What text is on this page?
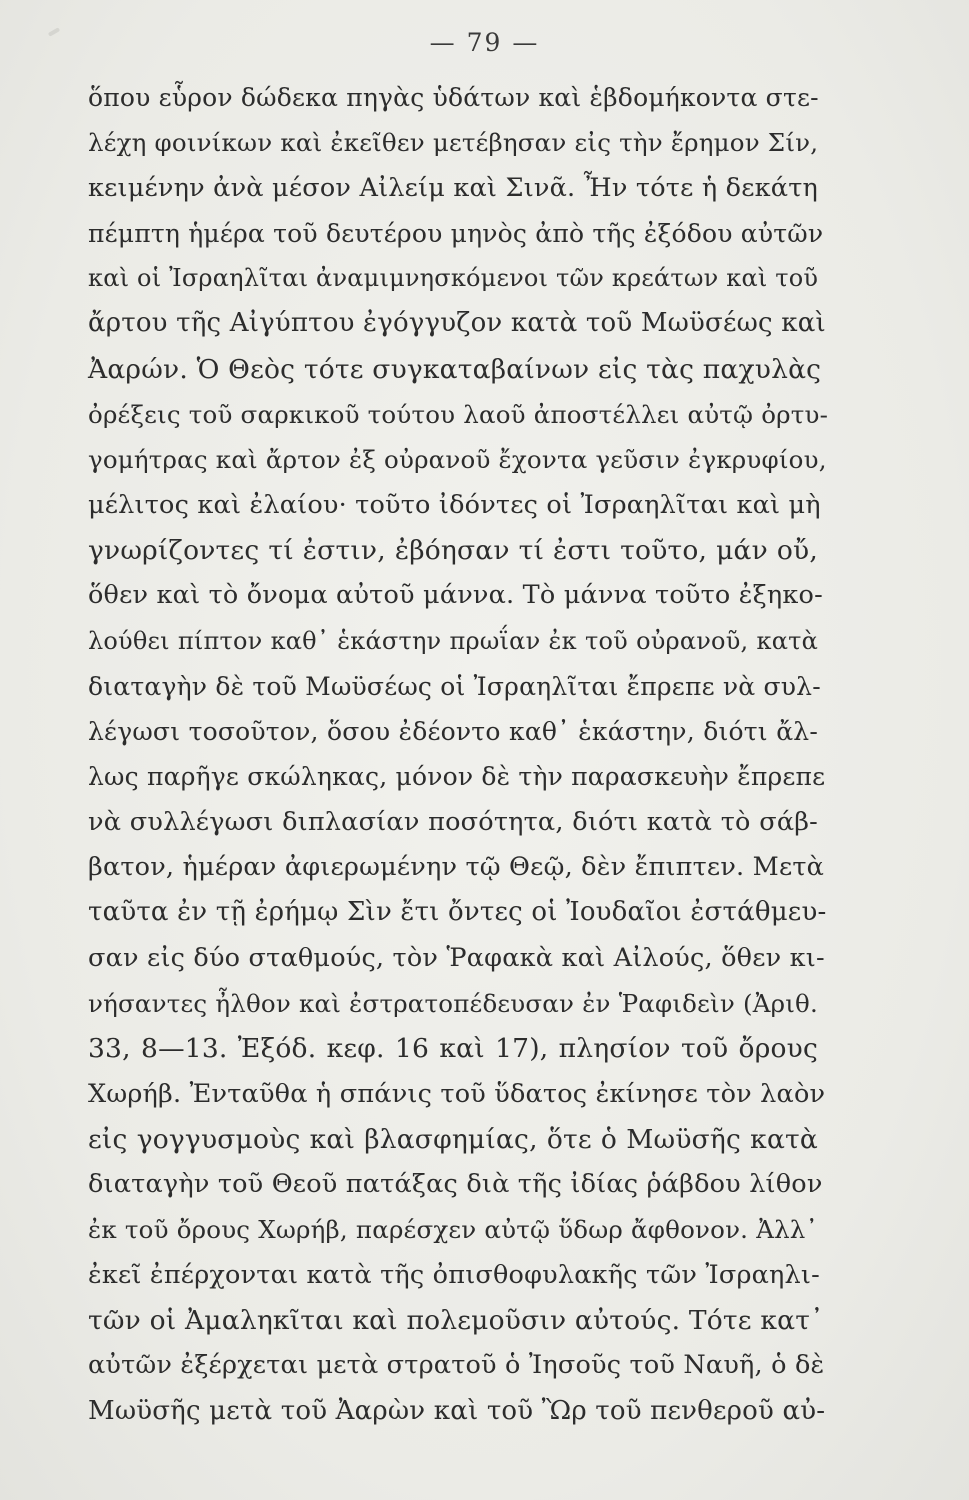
— 79 —
ὅπου εὗρον δώδεκα πηγὰς ὑδάτων καὶ ἑβδομήκοντα στε-
λέχη φοινίκων καὶ ἐκεῖθεν μετέβησαν εἰς τὴν ἔρημον Σίν,
κειμένην ἀνὰ μέσον Αἰλείμ καὶ Σινᾶ. Ἦν τότε ἡ δεκάτη
πέμπτη ἡμέρα τοῦ δευτέρου μηνὸς ἀπὸ τῆς ἐξόδου αὐτῶν
καὶ οἱ Ἰσραηλῖται ἀναμιμνησκόμενοι τῶν κρεάτων καὶ τοῦ
ἄρτου τῆς Αἰγύπτου ἐγόγγυζον κατὰ τοῦ Μωϋσέως καὶ
Ἀαρών. Ὁ Θεὸς τότε συγκαταβαίνων εἰς τὰς παχυλὰς
ὀρέξεις τοῦ σαρκικοῦ τούτου λαοῦ ἀποστέλλει αὐτῷ ὀρτυ-
γομήτρας καὶ ἄρτον ἐξ οὐρανοῦ ἔχοντα γεῦσιν ἐγκρυφίου,
μέλιτος καὶ ἐλαίου· τοῦτο ἰδόντες οἱ Ἰσραηλῖται καὶ μὴ
γνωρίζοντες τί ἐστιν, ἐβόησαν τί ἐστι τοῦτο, μάν οὔ,
ὅθεν καὶ τὸ ὄνομα αὐτοῦ μάννα. Τὸ μάννα τοῦτο ἐξηκο-
λούθει πίπτον καθ᾽ ἑκάστην πρωΐαν ἐκ τοῦ οὐρανοῦ, κατὰ
διαταγὴν δὲ τοῦ Μωϋσέως οἱ Ἰσραηλῖται ἔπρεπε νὰ συλ-
λέγωσι τοσοῦτον, ὅσου ἐδέοντο καθ᾽ ἑκάστην, διότι ἄλ-
λως παρῆγε σκώληκας, μόνον δὲ τὴν παρασκευὴν ἔπρεπε
νὰ συλλέγωσι διπλασίαν ποσότητα, διότι κατὰ τὸ σάβ-
βατον, ἡμέραν ἀφιερωμένην τῷ Θεῷ, δὲν ἔπιπτεν. Μετὰ
ταῦτα ἐν τῇ ἐρήμῳ Σὶν ἔτι ὄντες οἱ Ἰουδαῖοι ἐστάθμευ-
σαν εἰς δύο σταθμούς, τὸν Ῥαφακὰ καὶ Αἰλούς, ὅθεν κι-
νήσαντες ἦλθον καὶ ἐστρατοπέδευσαν ἐν Ῥαφιδεὶν (Ἀριθ.
33, 8—13. Ἐξόδ. κεφ. 16 καὶ 17), πλησίον τοῦ ὄρους
Χωρήβ. Ἐνταῦθα ἡ σπάνις τοῦ ὕδατος ἐκίνησε τὸν λαὸν
εἰς γογγυσμοὺς καὶ βλασφημίας, ὅτε ὁ Μωϋσῆς κατὰ
διαταγὴν τοῦ Θεοῦ πατάξας διὰ τῆς ἰδίας ῥάβδου λίθον
ἐκ τοῦ ὄρους Χωρήβ, παρέσχεν αὐτῷ ὕδωρ ἄφθονον. Ἀλλ᾽
ἐκεῖ ἐπέρχονται κατὰ τῆς ὀπισθοφυλακῆς τῶν Ἰσραηλι-
τῶν οἱ Ἀμαληκῖται καὶ πολεμοῦσιν αὐτούς. Τότε κατ᾽
αὐτῶν ἐξέρχεται μετὰ στρατοῦ ὁ Ἰησοῦς τοῦ Ναυῆ, ὁ δὲ
Μωϋσῆς μετὰ τοῦ Ἀαρὼν καὶ τοῦ Ὢρ τοῦ πενθεροῦ αὐ-
